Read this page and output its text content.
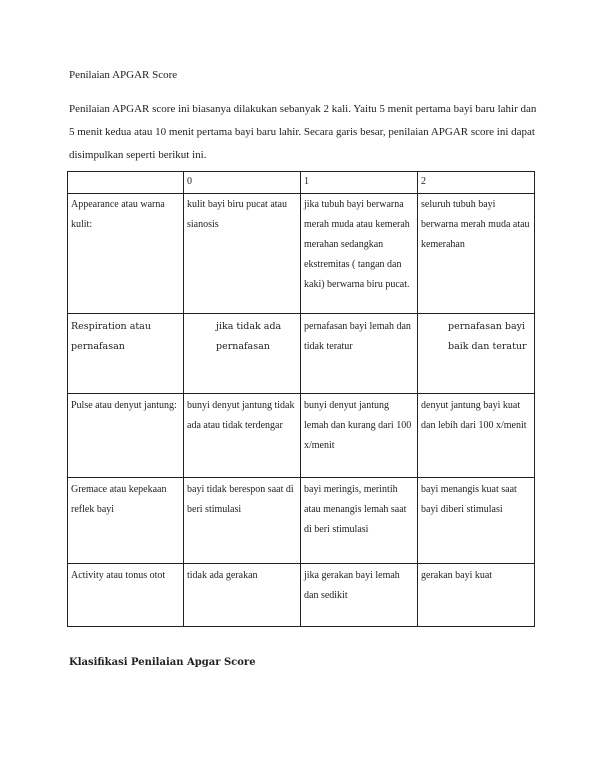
Penilaian APGAR Score
Penilaian APGAR score ini biasanya dilakukan sebanyak 2 kali. Yaitu 5 menit pertama bayi baru lahir dan 5 menit kedua atau 10 menit pertama bayi baru lahir. Secara garis besar, penilaian APGAR score ini dapat disimpulkan seperti berikut ini.
	0	1	2
Appearance atau warna kulit:	kulit bayi biru pucat atau sianosis	jika tubuh bayi berwarna merah muda atau kemerah merahan sedangkan ekstremitas ( tangan dan kaki) berwarna biru pucat.	seluruh tubuh bayi berwarna merah muda atau kemerahan
Respiration atau pernafasan	jika tidak ada pernafasan	pernafasan bayi lemah dan tidak teratur	pernafasan bayi baik dan teratur
Pulse atau denyut jantung:	bunyi denyut jantung tidak ada atau tidak terdengar	bunyi denyut jantung lemah dan kurang dari 100 x/menit	denyut jantung bayi kuat dan lebih dari 100 x/menit
Gremace atau kepekaan reflek bayi	bayi tidak berespon saat di beri stimulasi	bayi meringis, merintih atau menangis lemah saat di beri stimulasi	bayi menangis kuat saat bayi diberi stimulasi
Activity atau tonus otot	tidak ada gerakan	jika gerakan bayi lemah dan sedikit	gerakan bayi kuat
Klasifikasi Penilaian Apgar Score
